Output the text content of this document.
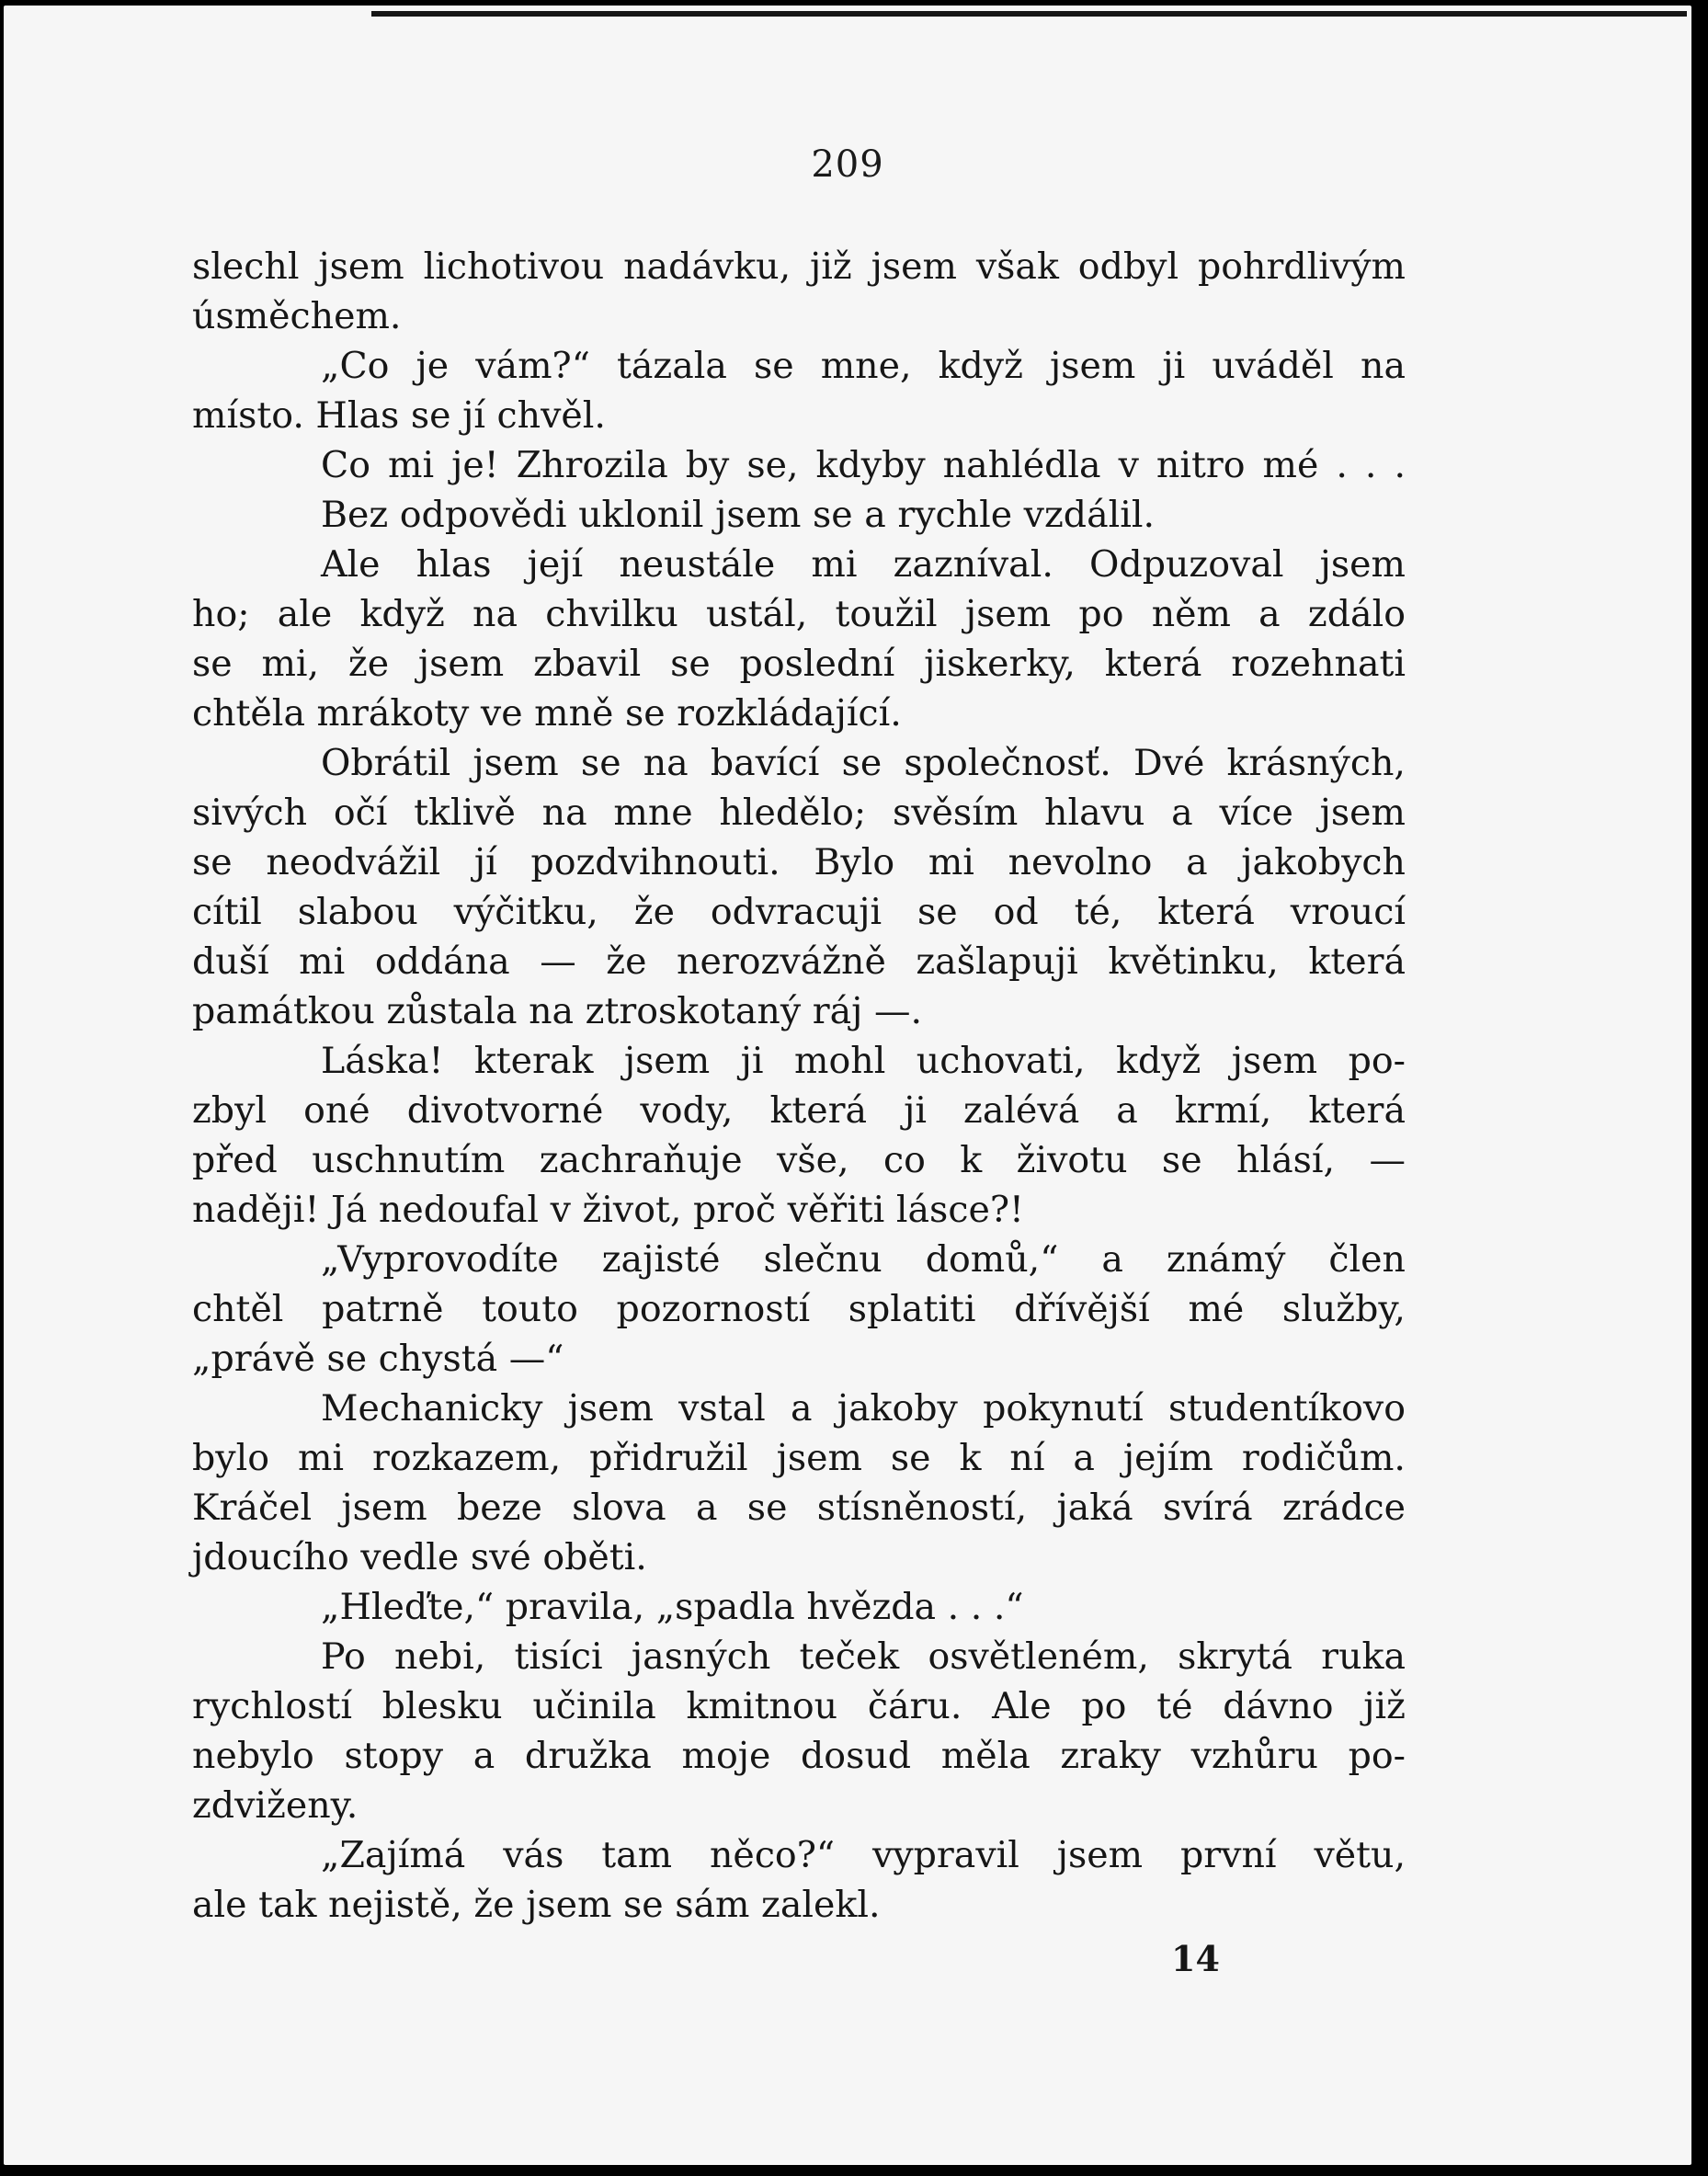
209
slechl jsem lichotivou nadávku, již jsem však odbyl pohrdlivým
úsměchem.
„Co je vám?“ tázala se mne, když jsem ji uváděl na
místo. Hlas se jí chvěl.
Co mi je! Zhrozila by se, kdyby nahlédla v nitro mé . . .
Bez odpovědi uklonil jsem se a rychle vzdálil.
Ale hlas její neustále mi zazníval. Odpuzoval jsem
ho; ale když na chvilku ustál, toužil jsem po něm a zdálo
se mi, že jsem zbavil se poslední jiskerky, která rozehnati
chtěla mrákoty ve mně se rozkládající.
Obrátil jsem se na bavící se společnosť. Dvé krásných,
sivých očí tklivě na mne hledělo; svěsím hlavu a více jsem
se neodvážil jí pozdvihnouti. Bylo mi nevolno a jakobych
cítil slabou výčitku, že odvracuji se od té, která vroucí
duší mi oddána — že nerozvážně zašlapuji květinku, která
památkou zůstala na ztroskotaný ráj —.
Láska! kterak jsem ji mohl uchovati, když jsem po-
zbyl oné divotvorné vody, která ji zalévá a krmí, která
před uschnutím zachraňuje vše, co k životu se hlásí, —
naději! Já nedoufal v život, proč věřiti lásce?!
„Vyprovodíte zajisté slečnu domů,“ a známý člen
chtěl patrně touto pozorností splatiti dřívější mé služby,
„právě se chystá —“
Mechanicky jsem vstal a jakoby pokynutí studentíkovo
bylo mi rozkazem, přidružil jsem se k ní a jejím rodičům.
Kráčel jsem beze slova a se stísněností, jaká svírá zrádce
jdoucího vedle své oběti.
„Hleďte,“ pravila, „spadla hvězda . . .“
Po nebi, tisíci jasných teček osvětleném, skrytá ruka
rychlostí blesku učinila kmitnou čáru. Ale po té dávno již
nebylo stopy a družka moje dosud měla zraky vzhůru po-
zdviženy.
„Zajímá vás tam něco?“ vypravil jsem první větu,
ale tak nejistě, že jsem se sám zalekl.
14
